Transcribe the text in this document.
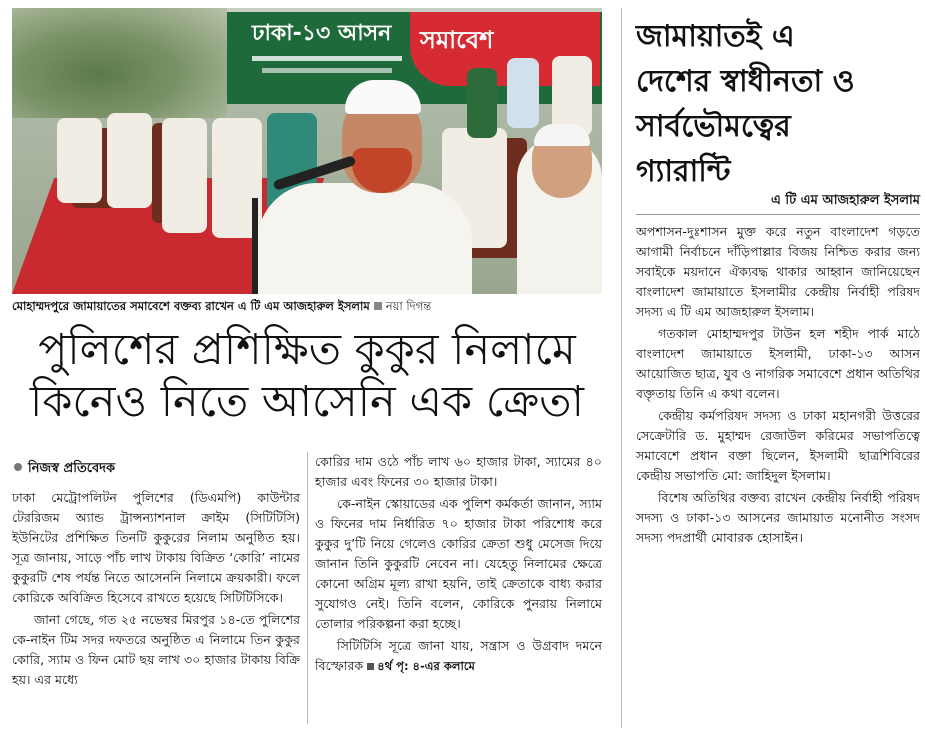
ঢাকা-১৩ আসন সমাবেশ
মোহাম্মদপুরে জামায়াতের সমাবেশে বক্তব্য রাখেন এ টি এম আজহারুল ইসলাম নয়া দিগন্ত
পুলিশের প্রশিক্ষিত কুকুর নিলামে
কিনেও নিতে আসেনি এক ক্রেতা
নিজস্ব প্রতিবেদক

ঢাকা মেট্রোপলিটন পুলিশের (ডিএমপি) কাউন্টার টেররিজম অ্যান্ড ট্রান্সন্যাশনাল ক্রাইম (সিটিটিসি) ইউনিটের প্রশিক্ষিত তিনটি কুকুরের নিলাম অনুষ্ঠিত হয়। সূত্র জানায়, সাড়ে পাঁচ লাখ টাকায় বিক্রিত ‘কোরি’ নামের কুকুরটি শেষ পর্যন্ত নিতে আসেননি নিলামে ক্রয়কারী। ফলে কোরিকে অবিক্রিত হিসেবে রাখতে হয়েছে সিটিটিসিকে।

জানা গেছে, গত ২৫ নভেম্বর মিরপুর ১৪-তে পুলিশের কে-নাইন টিম সদর দফতরে অনুষ্ঠিত এ নিলামে তিন কুকুর কোরি, স্যাম ও ফিন মোট ছয় লাখ ৩০ হাজার টাকায় বিক্রি হয়। এর মধ্যে

কোরির দাম ওঠে পাঁচ লাখ ৬০ হাজার টাকা, স্যামের ৪০ হাজার এবং ফিনের ৩০ হাজার টাকা।

কে-নাইন স্কোয়াডের এক পুলিশ কর্মকর্তা জানান, স্যাম ও ফিনের দাম নির্ধারিত ৭০ হাজার টাকা পরিশোধ করে কুকুর দু’টি নিয়ে গেলেও কোরির ক্রেতা শুধু মেসেজ দিয়ে জানান তিনি কুকুরটি নেবেন না। যেহেতু নিলামের ক্ষেত্রে কোনো অগ্রিম মূল্য রাখা হয়নি, তাই ক্রেতাকে বাধ্য করার সুযোগও নেই। তিনি বলেন, কোরিকে পুনরায় নিলামে তোলার পরিকল্পনা করা হচ্ছে।

সিটিটিসি সূত্রে জানা যায়, সন্ত্রাস ও উগ্রবাদ দমনে বিস্ফোরক ৪র্থ পৃ: ৪-এর কলামে

জামায়াতই এ
দেশের স্বাধীনতা ও
সার্বভৌমত্বের
গ্যারান্টি
এ টি এম আজহারুল ইসলাম

অপশাসন-দুঃশাসন মুক্ত করে নতুন বাংলাদেশ গড়তে আগামী নির্বাচনে দাঁড়িপাল্লার বিজয় নিশ্চিত করার জন্য সবাইকে ময়দানে ঐক্যবদ্ধ থাকার আহ্বান জানিয়েছেন বাংলাদেশ জামায়াতে ইসলামীর কেন্দ্রীয় নির্বাহী পরিষদ সদস্য এ টি এম আজহারুল ইসলাম।

গতকাল মোহাম্মদপুর টাউন হল শহীদ পার্ক মাঠে বাংলাদেশ জামায়াতে ইসলামী, ঢাকা-১৩ আসন আয়োজিত ছাত্র, যুব ও নাগরিক সমাবেশে প্রধান অতিথির বক্তৃতায় তিনি এ কথা বলেন।

কেন্দ্রীয় কর্মপরিষদ সদস্য ও ঢাকা মহানগরী উত্তরের সেক্রেটারি ড. মুহাম্মদ রেজাউল করিমের সভাপতিত্বে সমাবেশে প্রধান বক্তা ছিলেন, ইসলামী ছাত্রশিবিরের কেন্দ্রীয় সভাপতি মো: জাহিদুল ইসলাম।

বিশেষ অতিথির বক্তব্য রাখেন কেন্দ্রীয় নির্বাহী পরিষদ সদস্য ও ঢাকা-১৩ আসনের জামায়াত মনোনীত সংসদ সদস্য পদপ্রার্থী মোবারক হোসাইন।
